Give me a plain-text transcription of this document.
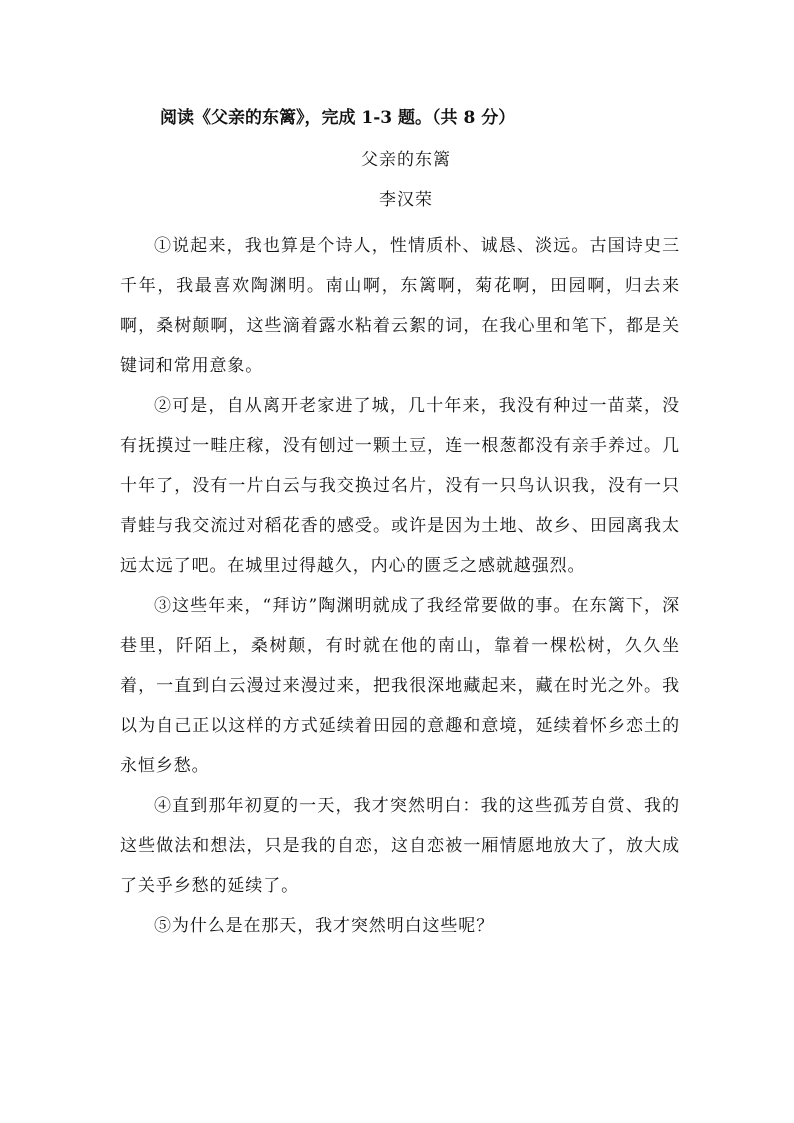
阅读《父亲的东篱》，完成 1-3 题。（共 8 分）
父亲的东篱
李汉荣

①说起来，我也算是个诗人，性情质朴、诚恳、淡远。古国诗史三千年，我最喜欢陶渊明。南山啊，东篱啊，菊花啊，田园啊，归去来啊，桑树颠啊，这些滴着露水粘着云絮的词，在我心里和笔下，都是关键词和常用意象。

②可是，自从离开老家进了城，几十年来，我没有种过一苗菜，没有抚摸过一畦庄稼，没有刨过一颗土豆，连一根葱都没有亲手养过。几十年了，没有一片白云与我交换过名片，没有一只鸟认识我，没有一只青蛙与我交流过对稻花香的感受。或许是因为土地、故乡、田园离我太远太远了吧。在城里过得越久，内心的匮乏之感就越强烈。

③这些年来，“拜访”陶渊明就成了我经常要做的事。在东篱下，深巷里，阡陌上，桑树颠，有时就在他的南山，靠着一棵松树，久久坐着，一直到白云漫过来漫过来，把我很深地藏起来，藏在时光之外。我以为自己正以这样的方式延续着田园的意趣和意境，延续着怀乡恋土的永恒乡愁。

④直到那年初夏的一天，我才突然明白：我的这些孤芳自赏、我的这些做法和想法，只是我的自恋，这自恋被一厢情愿地放大了，放大成了关乎乡愁的延续了。

⑤为什么是在那天，我才突然明白这些呢？
